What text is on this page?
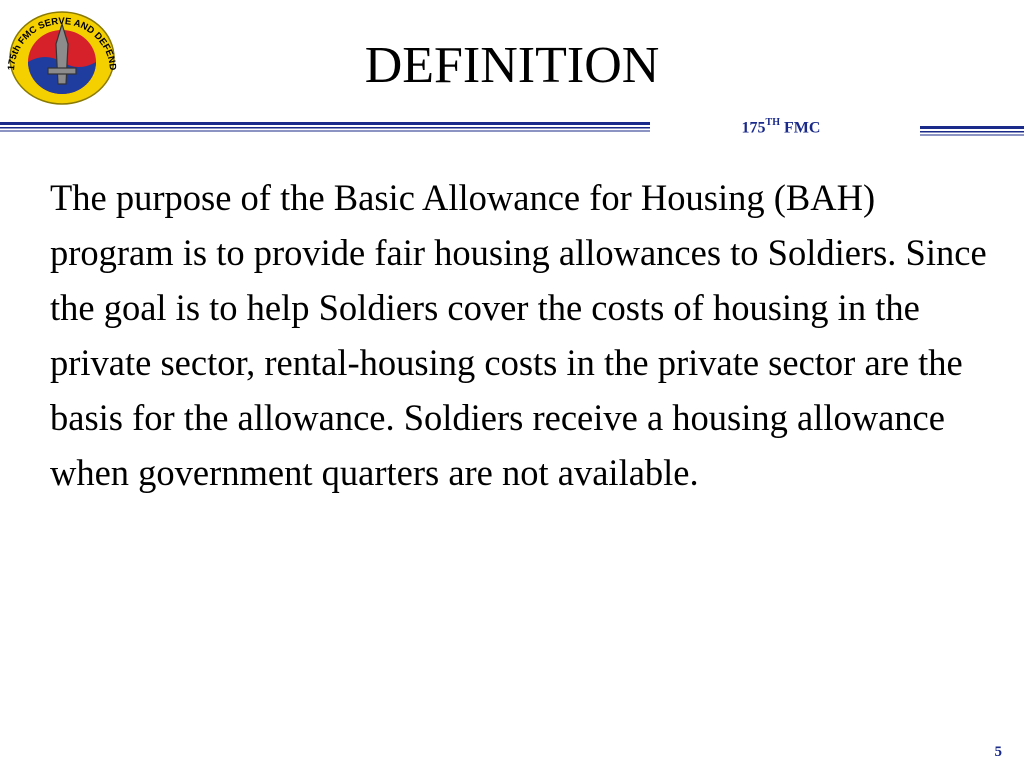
175th FMC SERVE AND DEFEND	DEFINITION
175TH FMC
The purpose of the Basic Allowance for Housing (BAH) program is to provide fair housing allowances to Soldiers. Since the goal is to help Soldiers cover the costs of housing in the private sector, rental-housing costs in the private sector are the basis for the allowance. Soldiers receive a housing allowance when government quarters are not available.
5
